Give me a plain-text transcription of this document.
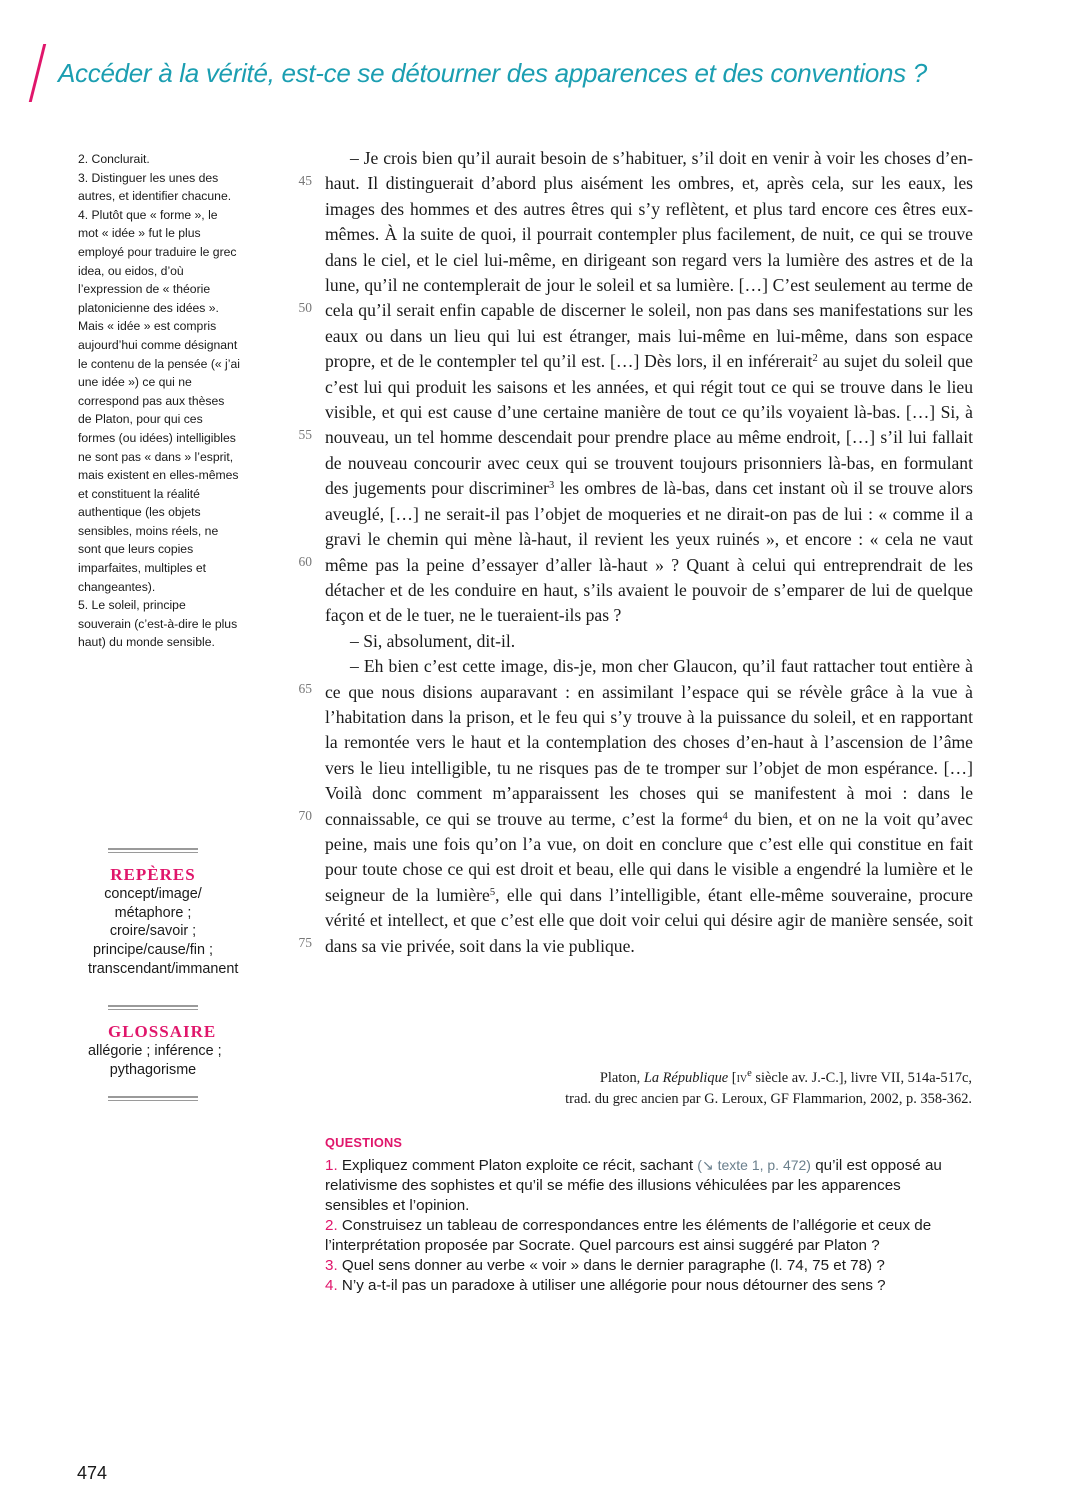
Accéder à la vérité, est-ce se détourner des apparences et des conventions ?

2. Conclurait.

3. Distinguer les unes des autres, et identifier chacune.

4. Plutôt que « forme », le mot « idée » fut le plus employé pour traduire le grec idea, ou eidos, d’où l’expression de « théorie platonicienne des idées ». Mais « idée » est compris aujourd’hui comme désignant le contenu de la pensée (« j’ai une idée ») ce qui ne correspond pas aux thèses de Platon, pour qui ces formes (ou idées) intelligibles ne sont pas « dans » l’esprit, mais existent en elles-mêmes et constituent la réalité authentique (les objets sensibles, moins réels, ne sont que leurs copies imparfaites, multiples et changeantes).

5. Le soleil, principe souverain (c’est-à-dire le plus haut) du monde sensible.

45
50
55
60
65
70
75

– Je crois bien qu’il aurait besoin de s’habituer, s’il doit en venir à voir les choses d’en-haut. Il distinguerait d’abord plus aisément les ombres, et, après cela, sur les eaux, les images des hommes et des autres êtres qui s’y reflètent, et plus tard encore ces êtres eux-mêmes. À la suite de quoi, il pourrait contempler plus facilement, de nuit, ce qui se trouve dans le ciel, et le ciel lui-même, en dirigeant son regard vers la lumière des astres et de la lune, qu’il ne contemplerait de jour le soleil et sa lumière. […] C’est seulement au terme de cela qu’il serait enfin capable de discerner le soleil, non pas dans ses manifestations sur les eaux ou dans un lieu qui lui est étranger, mais lui-même en lui-même, dans son espace propre, et de le contempler tel qu’il est. […] Dès lors, il en inférerait$^2$ au sujet du soleil que c’est lui qui produit les saisons et les années, et qui régit tout ce qui se trouve dans le lieu visible, et qui est cause d’une certaine manière de tout ce qu’ils voyaient là-bas. […] Si, à nouveau, un tel homme descendait pour prendre place au même endroit, […] s’il lui fallait de nouveau concourir avec ceux qui se trouvent toujours prisonniers là-bas, en formulant des jugements pour discriminer$^3$ les ombres de là-bas, dans cet instant où il se trouve alors aveuglé, […] ne serait-il pas l’objet de moqueries et ne dirait-on pas de lui : « comme il a gravi le chemin qui mène là-haut, il revient les yeux ruinés », et encore : « cela ne vaut même pas la peine d’essayer d’aller là-haut » ? Quant à celui qui entreprendrait de les détacher et de les conduire en haut, s’ils avaient le pouvoir de s’emparer de lui de quelque façon et de le tuer, ne le tueraient-ils pas ?

– Si, absolument, dit-il.

– Eh bien c’est cette image, dis-je, mon cher Glaucon, qu’il faut rattacher tout entière à ce que nous disions auparavant : en assimilant l’espace qui se révèle grâce à la vue à l’habitation dans la prison, et le feu qui s’y trouve à la puissance du soleil, et en rapportant la remontée vers le haut et la contemplation des choses d’en-haut à l’ascension de l’âme vers le lieu intelligible, tu ne risques pas de te tromper sur l’objet de mon espérance. […] Voilà donc comment m’apparaissent les choses qui se manifestent à moi : dans le connaissable, ce qui se trouve au terme, c’est la forme$^4$ du bien, et on ne la voit qu’avec peine, mais une fois qu’on l’a vue, on doit en conclure que c’est elle qui constitue en fait pour toute chose ce qui est droit et beau, elle qui dans le visible a engendré la lumière et le seigneur de la lumière$^5$, elle qui dans l’intelligible, étant elle-même souveraine, procure vérité et intellect, et que c’est elle que doit voir celui qui désire agir de manière sensée, soit dans sa vie privée, soit dans la vie publique.

Platon, La République [$iv^e$ siècle av. J.-C.], livre VII, 514a-517c,

trad. du grec ancien par G. Leroux, GF Flammarion, 2002, p. 358-362.

QUESTIONS

1. Expliquez comment Platon exploite ce récit, sachant (↘ texte 1, p. 472) qu’il est opposé au relativisme des sophistes et qu’il se méfie des illusions véhiculées par les apparences sensibles et l’opinion.

2. Construisez un tableau de correspondances entre les éléments de l’allégorie et ceux de l’interprétation proposée par Socrate. Quel parcours est ainsi suggéré par Platon ?

3. Quel sens donner au verbe « voir » dans le dernier paragraphe (l. 74, 75 et 78) ?

4. N’y a-t-il pas un paradoxe à utiliser une allégorie pour nous détourner des sens ?

REPÈRES

concept/image/
métaphore ;
croire/savoir ;
principe/cause/fin ;
transcendant/immanent

GLOSSAIRE

allégorie ; inférence ;
pythagorisme
474
